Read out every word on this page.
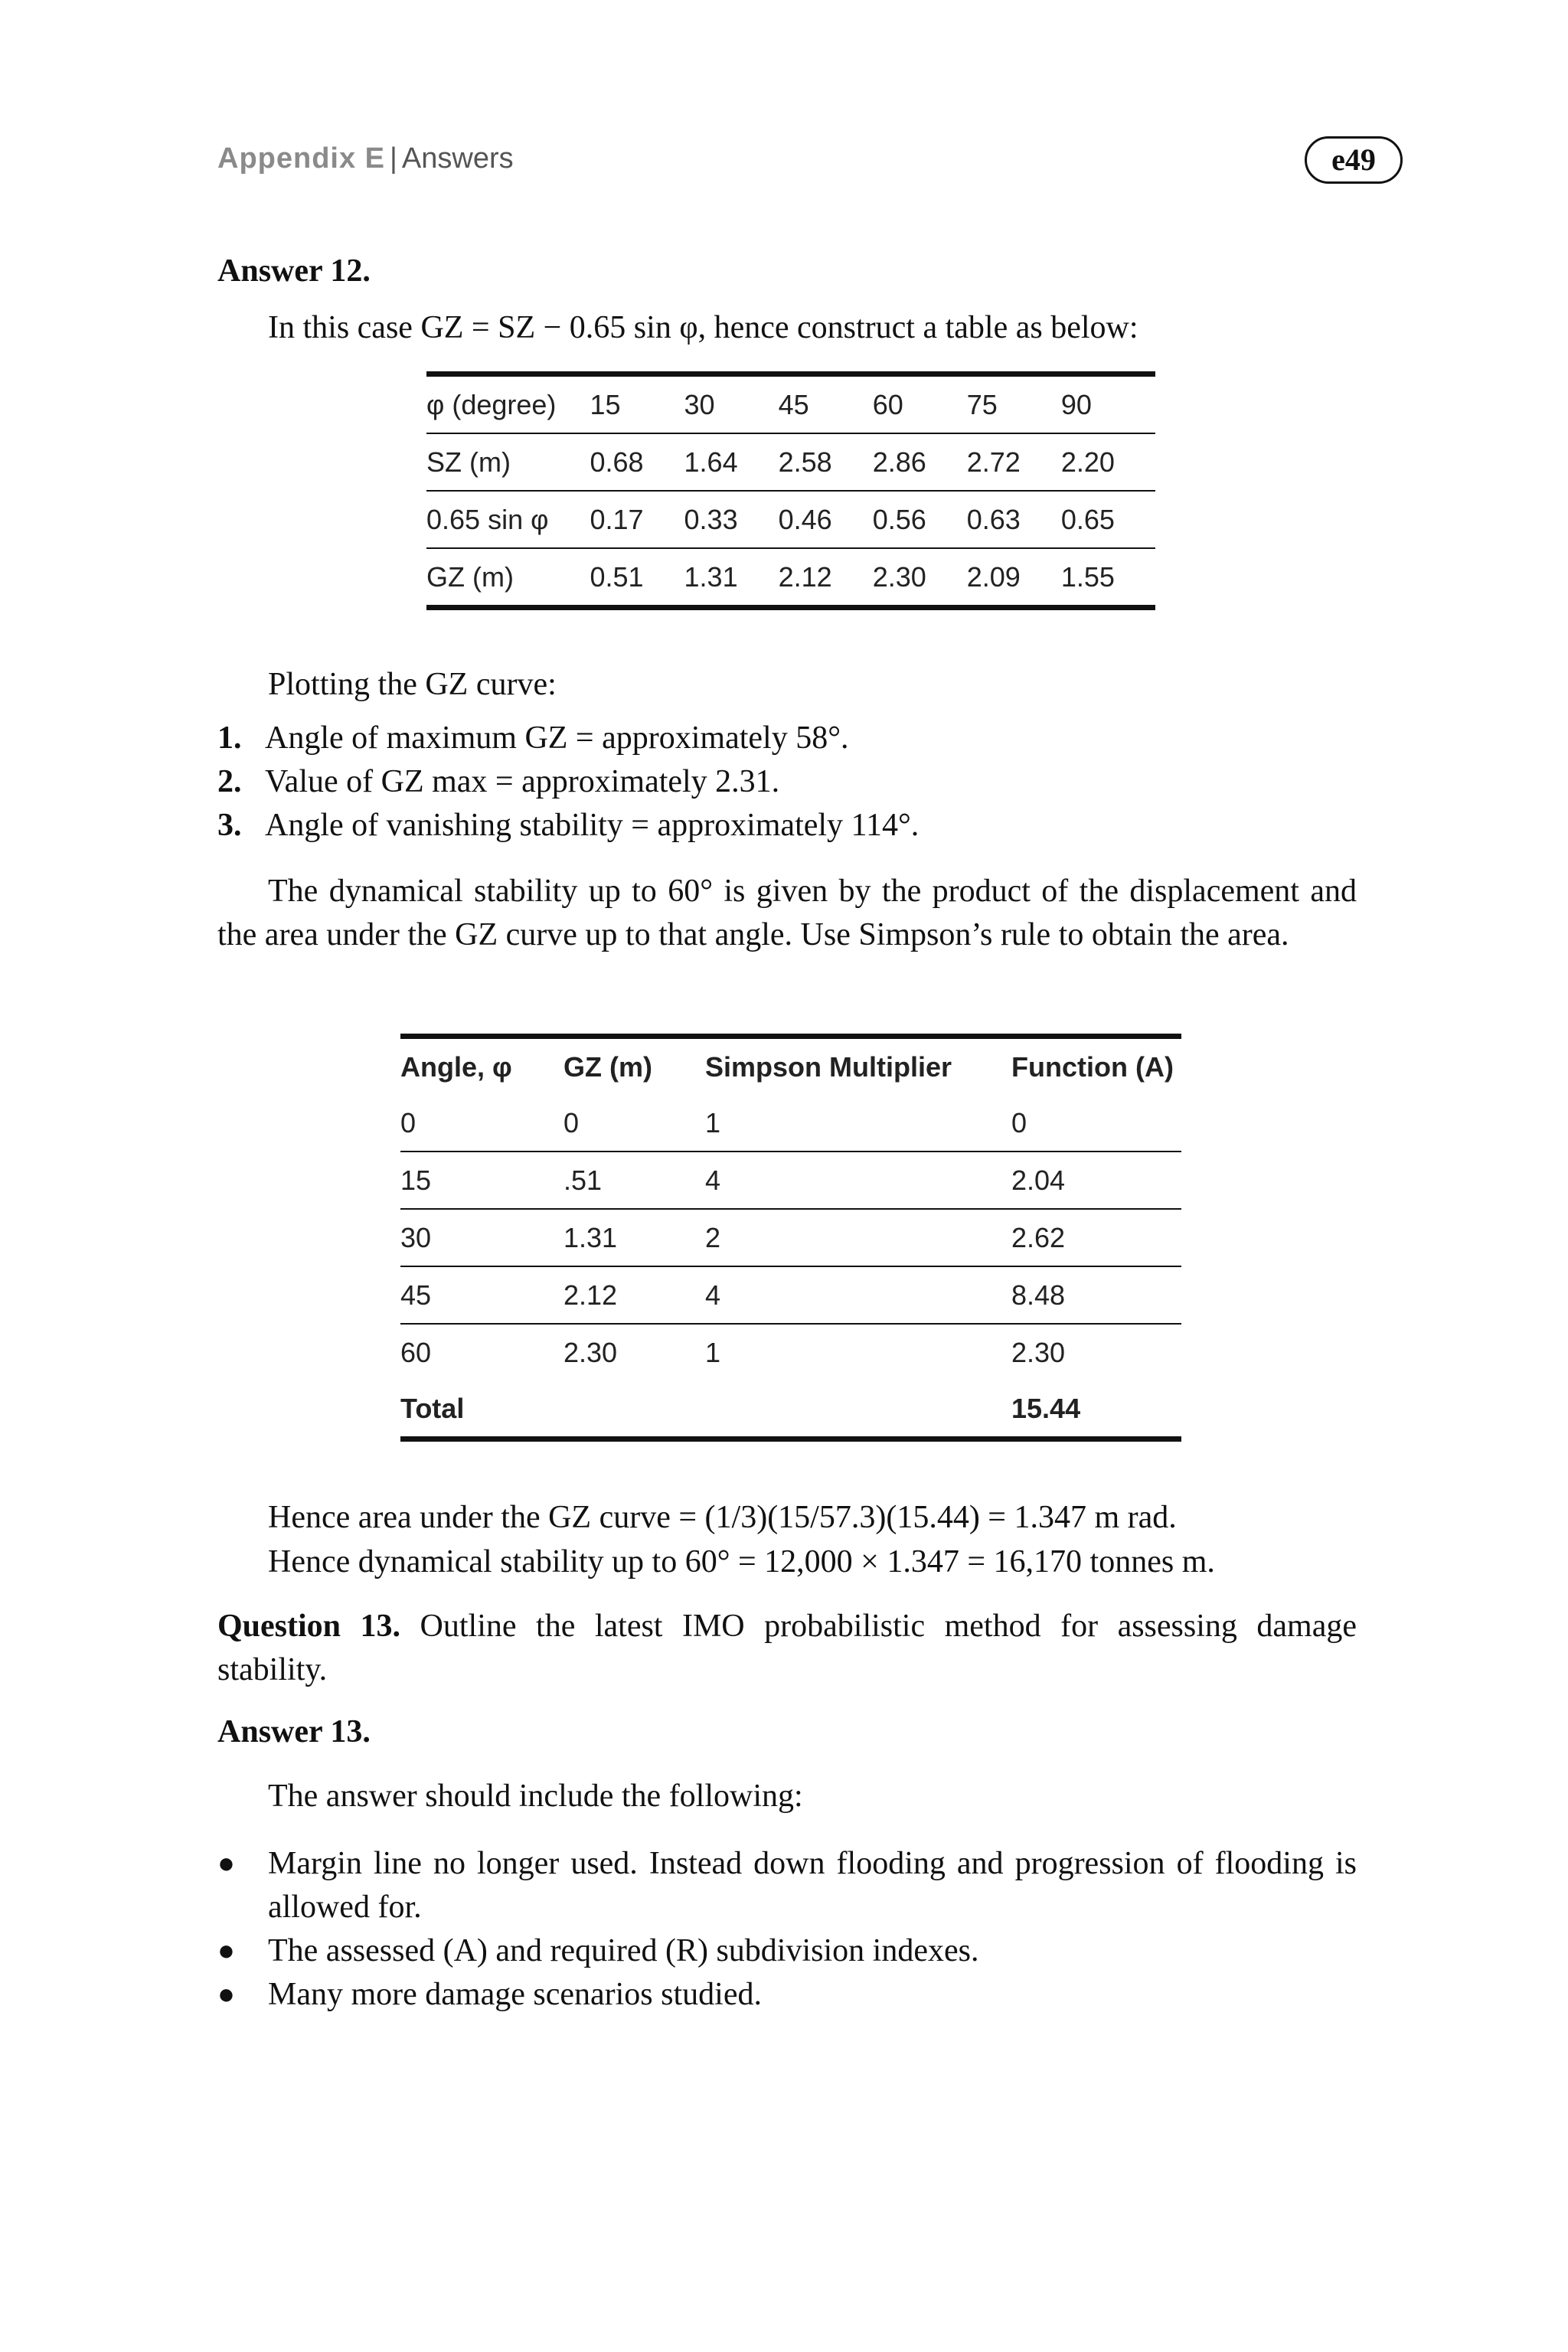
Appendix E | Answers	e49
Answer 12.
In this case GZ = SZ − 0.65 sin φ, hence construct a table as below:
φ (degree)	15	30	45	60	75	90
SZ (m)	0.68	1.64	2.58	2.86	2.72	2.20
0.65 sin φ	0.17	0.33	0.46	0.56	0.63	0.65
GZ (m)	0.51	1.31	2.12	2.30	2.09	1.55
Plotting the GZ curve:
1. Angle of maximum GZ = approximately 58°.
2. Value of GZ max = approximately 2.31.
3. Angle of vanishing stability = approximately 114°.
The dynamical stability up to 60° is given by the product of the displacement and the area under the GZ curve up to that angle. Use Simpson’s rule to obtain the area.
Angle, φ	GZ (m)	Simpson Multiplier	Function (A)
0	0	1	0
15	.51	4	2.04
30	1.31	2	2.62
45	2.12	4	8.48
60	2.30	1	2.30
Total			15.44
Hence area under the GZ curve = (1/3)(15/57.3)(15.44) = 1.347 m rad.
Hence dynamical stability up to 60° = 12,000 × 1.347 = 16,170 tonnes m.
Question 13. Outline the latest IMO probabilistic method for assessing damage stability.
Answer 13.
The answer should include the following:
● Margin line no longer used. Instead down flooding and progression of flooding is allowed for.
● The assessed (A) and required (R) subdivision indexes.
● Many more damage scenarios studied.
